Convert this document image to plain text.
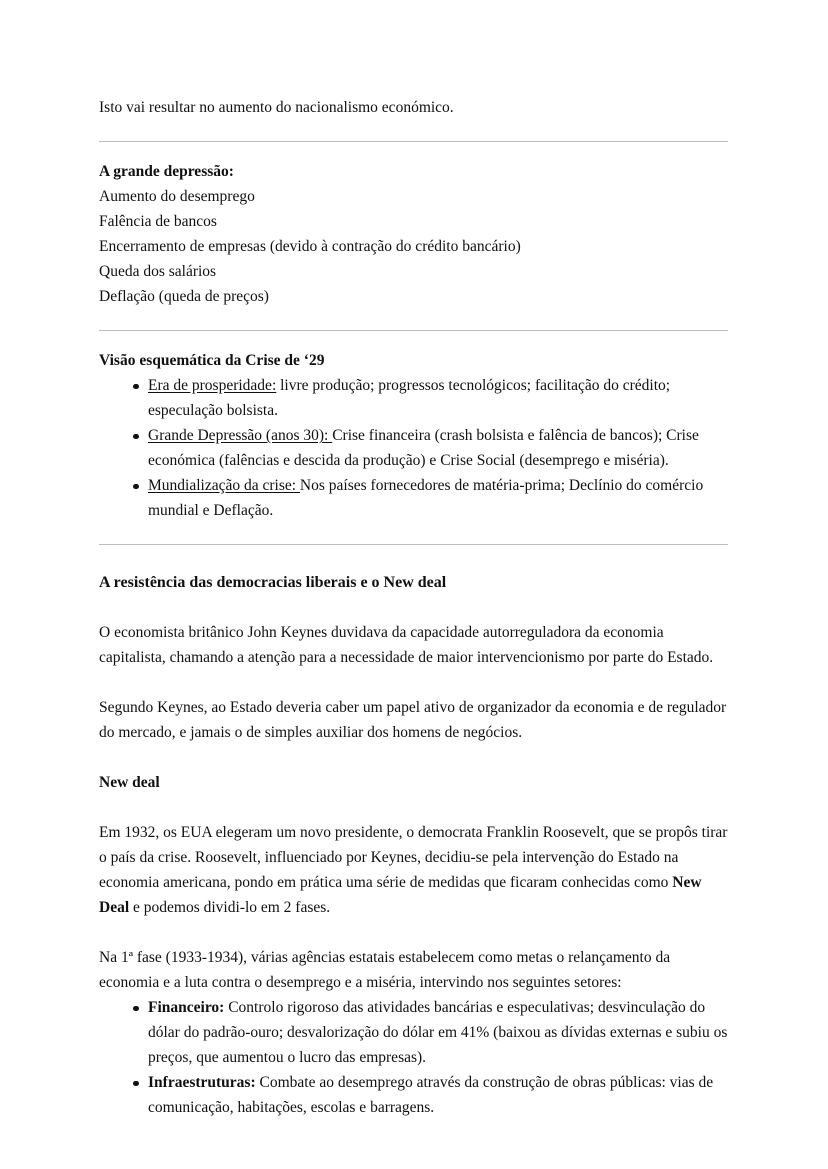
Isto vai resultar no aumento do nacionalismo económico.

A grande depressão:

Aumento do desemprego

Falência de bancos

Encerramento de empresas (devido à contração do crédito bancário)

Queda dos salários

Deflação (queda de preços)

Visão esquemática da Crise de ‘29

Era de prosperidade: livre produção; progressos tecnológicos; facilitação do crédito; especulação bolsista.
Grande Depressão (anos 30): Crise financeira (crash bolsista e falência de bancos); Crise económica (falências e descida da produção) e Crise Social (desemprego e miséria).
Mundialização da crise: Nos países fornecedores de matéria-prima; Declínio do comércio mundial e Deflação.

A resistência das democracias liberais e o New deal

O economista britânico John Keynes duvidava da capacidade autorreguladora da economia capitalista, chamando a atenção para a necessidade de maior intervencionismo por parte do Estado.

Segundo Keynes, ao Estado deveria caber um papel ativo de organizador da economia e de regulador do mercado, e jamais o de simples auxiliar dos homens de negócios.

New deal

Em 1932, os EUA elegeram um novo presidente, o democrata Franklin Roosevelt, que se propôs tirar o país da crise. Roosevelt, influenciado por Keynes, decidiu-se pela intervenção do Estado na economia americana, pondo em prática uma série de medidas que ficaram conhecidas como New Deal e podemos dividi-lo em 2 fases.

Na 1ª fase (1933-1934), várias agências estatais estabelecem como metas o relançamento da economia e a luta contra o desemprego e a miséria, intervindo nos seguintes setores:

Financeiro: Controlo rigoroso das atividades bancárias e especulativas; desvinculação do dólar do padrão-ouro; desvalorização do dólar em 41% (baixou as dívidas externas e subiu os preços, que aumentou o lucro das empresas).
Infraestruturas: Combate ao desemprego através da construção de obras públicas: vias de comunicação, habitações, escolas e barragens.
